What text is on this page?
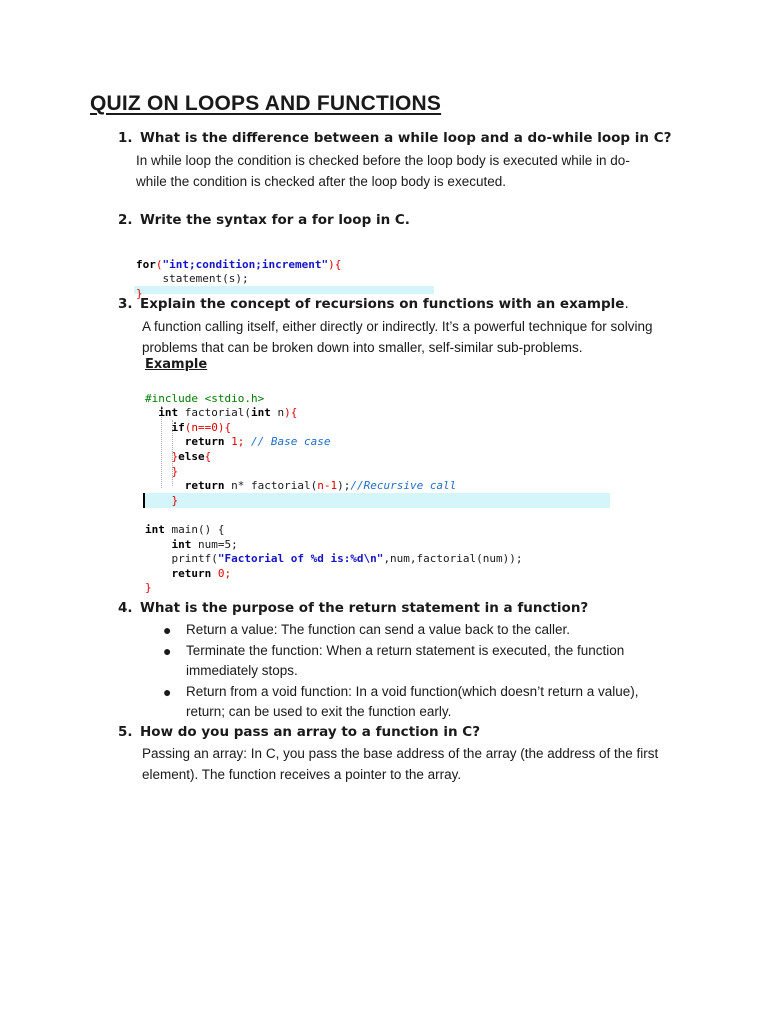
QUIZ ON LOOPS AND FUNCTIONS
1. What is the difference between a while loop and a do-while loop in C?
In while loop the condition is checked before the loop body is executed while in do-
while the condition is checked after the loop body is executed.
2. Write the syntax for a for loop in C.

for("int;condition;increment"){
statement(s);
}

3. Explain the concept of recursions on functions with an example.
A function calling itself, either directly or indirectly. It’s a powerful technique for solving
problems that can be broken down into smaller, self-similar sub-problems.
Example

#include <stdio.h>
int factorial(int n){
if(n==0){
return 1; // Base case
}else{
}
return n* factorial(n-1);//Recursive call
}

int main() {
int num=5;
printf("Factorial of %d is:%d\n",num,factorial(num));
return 0;
}

4. What is the purpose of the return statement in a function?
● Return a value: The function can send a value back to the caller.
● Terminate the function: When a return statement is executed, the function immediately stops.
● Return from a void function: In a void function(which doesn’t return a value), return; can be used to exit the function early.
5. How do you pass an array to a function in C?
Passing an array: In C, you pass the base address of the array (the address of the first
element). The function receives a pointer to the array.
